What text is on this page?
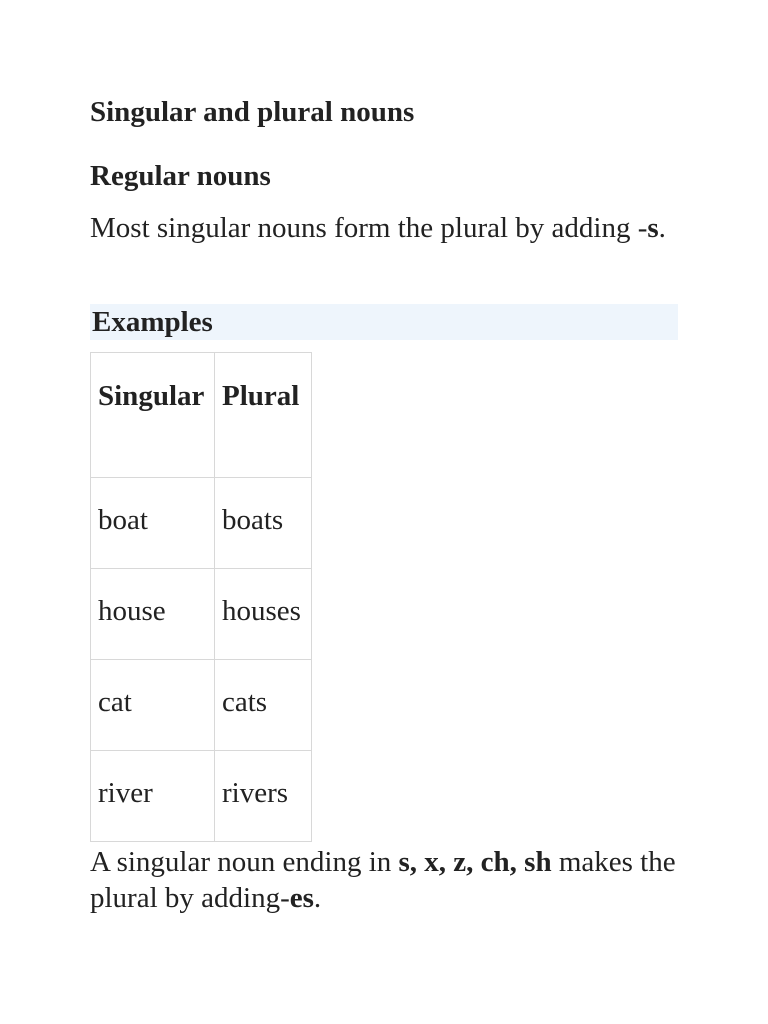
Singular and plural nouns
Regular nouns

Most singular nouns form the plural by adding -s.

Examples
Singular	Plural
boat	boats
house	houses
cat	cats
river	rivers

A singular noun ending in s, x, z, ch, sh makes the plural by adding-es.
